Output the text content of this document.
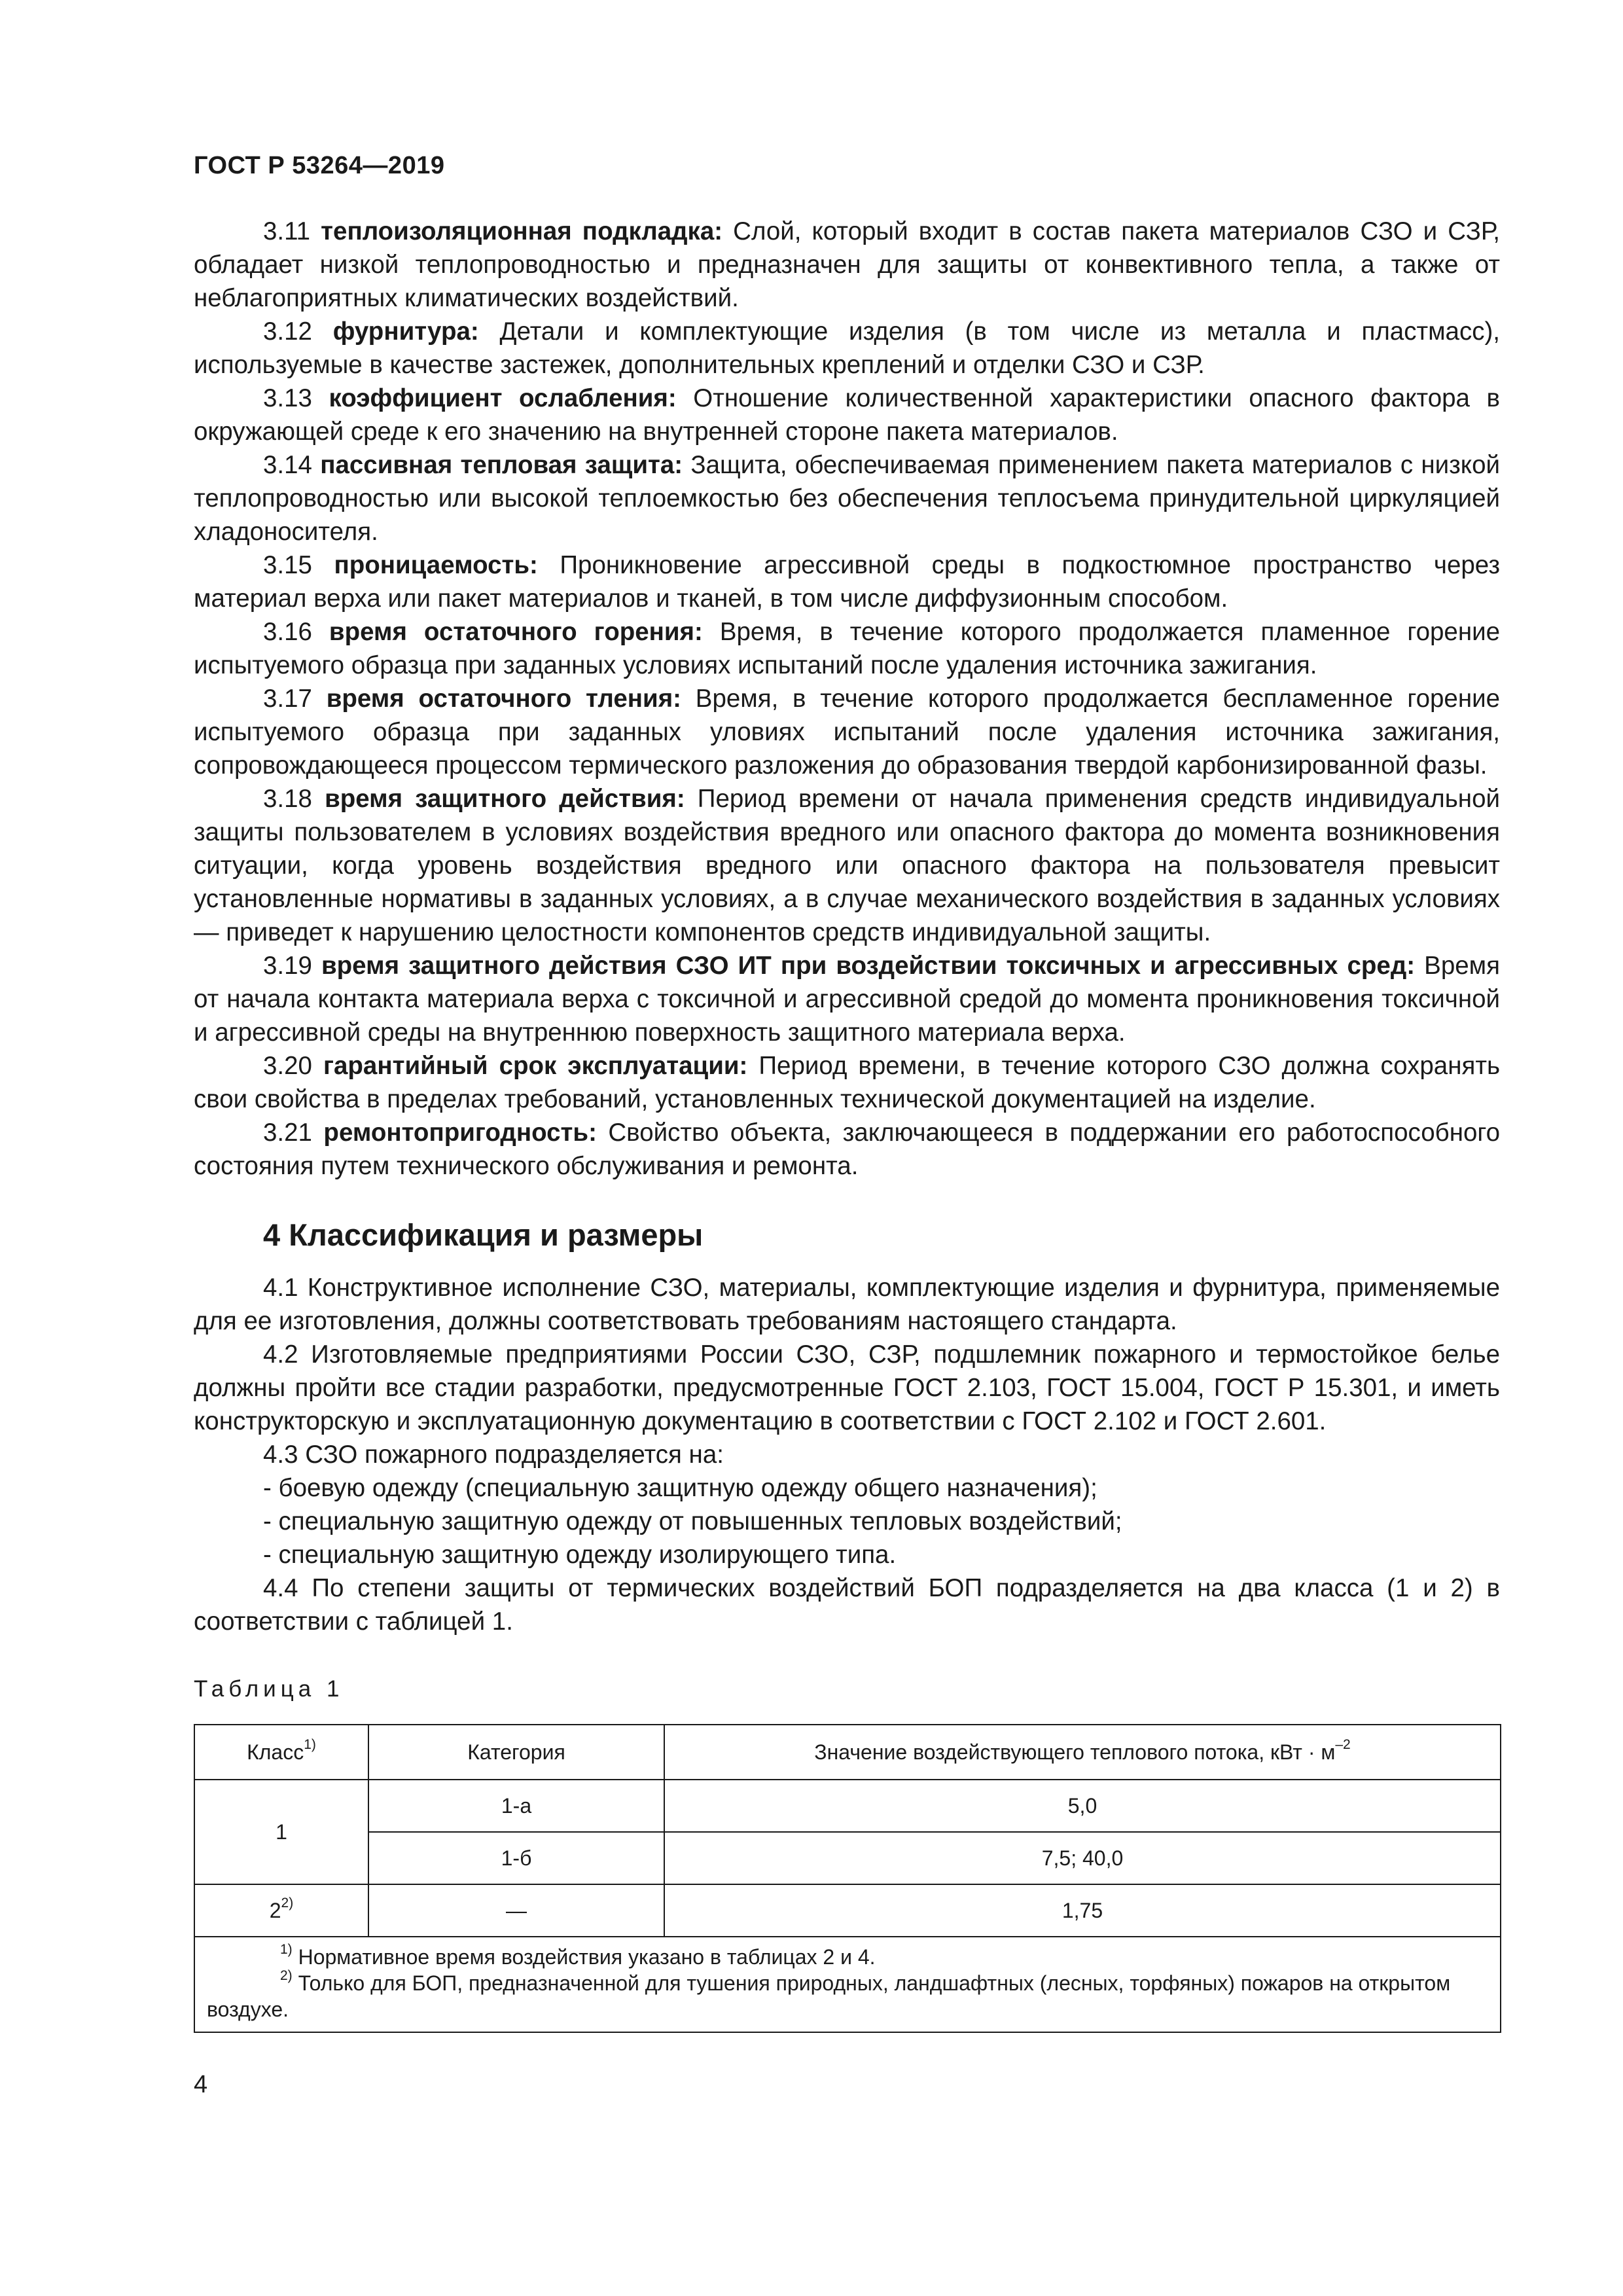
ГОСТ Р 53264—2019

3.11 теплоизоляционная подкладка: Слой, который входит в состав пакета материалов СЗО и СЗР, обладает низкой теплопроводностью и предназначен для защиты от конвективного тепла, а также от неблагоприятных климатических воздействий.

3.12 фурнитура: Детали и комплектующие изделия (в том числе из металла и пластмасс), используемые в качестве застежек, дополнительных креплений и отделки СЗО и СЗР.

3.13 коэффициент ослабления: Отношение количественной характеристики опасного фактора в окружающей среде к его значению на внутренней стороне пакета материалов.

3.14 пассивная тепловая защита: Защита, обеспечиваемая применением пакета материалов с низкой теплопроводностью или высокой теплоемкостью без обеспечения теплосъема принудительной циркуляцией хладоносителя.

3.15 проницаемость: Проникновение агрессивной среды в подкостюмное пространство через материал верха или пакет материалов и тканей, в том числе диффузионным способом.

3.16 время остаточного горения: Время, в течение которого продолжается пламенное горение испытуемого образца при заданных условиях испытаний после удаления источника зажигания.

3.17 время остаточного тления: Время, в течение которого продолжается беспламенное горение испытуемого образца при заданных уловиях испытаний после удаления источника зажигания, сопровождающееся процессом термического разложения до образования твердой карбонизированной фазы.

3.18 время защитного действия: Период времени от начала применения средств индивидуальной защиты пользователем в условиях воздействия вредного или опасного фактора до момента возникновения ситуации, когда уровень воздействия вредного или опасного фактора на пользователя превысит установленные нормативы в заданных условиях, а в случае механического воздействия в заданных условиях — приведет к нарушению целостности компонентов средств индивидуальной защиты.

3.19 время защитного действия СЗО ИТ при воздействии токсичных и агрессивных сред: Время от начала контакта материала верха с токсичной и агрессивной средой до момента проникновения токсичной и агрессивной среды на внутреннюю поверхность защитного материала верха.

3.20 гарантийный срок эксплуатации: Период времени, в течение которого СЗО должна сохранять свои свойства в пределах требований, установленных технической документацией на изделие.

3.21 ремонтопригодность: Свойство объекта, заключающееся в поддержании его работоспособного состояния путем технического обслуживания и ремонта.

4 Классификация и размеры

4.1 Конструктивное исполнение СЗО, материалы, комплектующие изделия и фурнитура, применяемые для ее изготовления, должны соответствовать требованиям настоящего стандарта.

4.2 Изготовляемые предприятиями России СЗО, СЗР, подшлемник пожарного и термостойкое белье должны пройти все стадии разработки, предусмотренные ГОСТ 2.103, ГОСТ 15.004, ГОСТ Р 15.301, и иметь конструкторскую и эксплуатационную документацию в соответствии с ГОСТ 2.102 и ГОСТ 2.601.

4.3 СЗО пожарного подразделяется на:

- боевую одежду (специальную защитную одежду общего назначения);

- специальную защитную одежду от повышенных тепловых воздействий;

- специальную защитную одежду изолирующего типа.

4.4 По степени защиты от термических воздействий БОП подразделяется на два класса (1 и 2) в соответствии с таблицей 1.

Таблица 1
Класс$^{1)}$	Категория	Значение воздействующего теплового потока, кВт · м$^{-2}$
1	1-а	5,0
	1-б	7,5; 40,0
2$^{2)}$	—	1,75

$^{1)}$ Нормативное время воздействия указано в таблицах 2 и 4.

$^{2)}$ Только для БОП, предназначенной для тушения природных, ландшафтных (лесных, торфяных) пожаров на открытом воздухе.		

4
